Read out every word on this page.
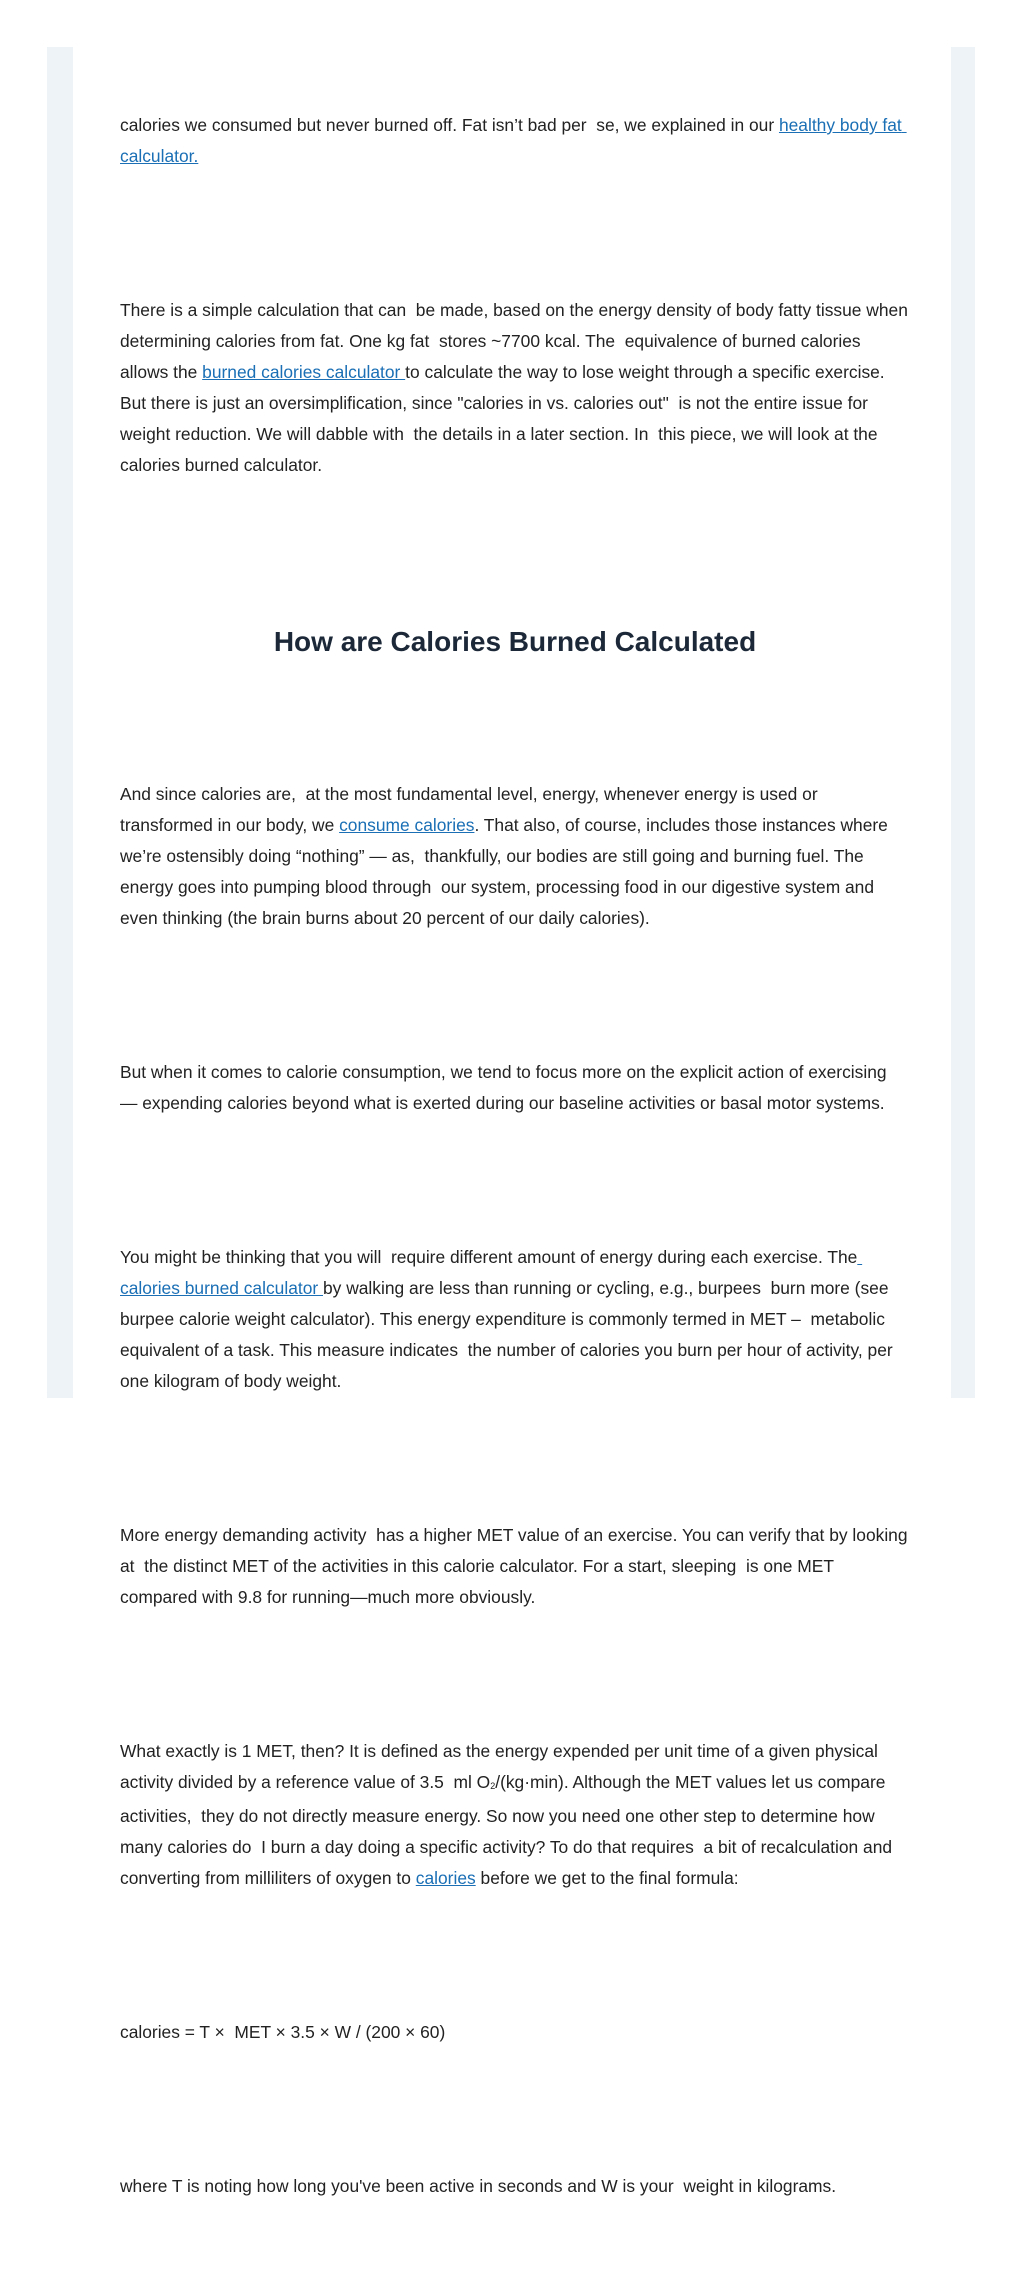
calories we consumed but never burned off. Fat isn’t bad per  se, we explained in our healthy body fat calculator.

There is a simple calculation that can  be made, based on the energy density of body fatty tissue when determining calories from fat. One kg fat  stores ~7700 kcal. The  equivalence of burned calories allows the burned calories calculator to calculate the way to lose weight through a specific exercise. But there is just an oversimplification, since "calories in vs. calories out"  is not the entire issue for weight reduction. We will dabble with  the details in a later section. In  this piece, we will look at the calories burned calculator.

How are Calories Burned Calculated

And since calories are,  at the most fundamental level, energy, whenever energy is used or transformed in our body, we consume calories. That also, of course, includes those instances where we’re ostensibly doing “nothing” — as,  thankfully, our bodies are still going and burning fuel. The energy goes into pumping blood through  our system, processing food in our digestive system and even thinking (the brain burns about 20 percent of our daily calories).

But when it comes to calorie consumption, we tend to focus more on the explicit action of exercising  — expending calories beyond what is exerted during our baseline activities or basal motor systems.

You might be thinking that you will  require different amount of energy during each exercise. The calories burned calculator by walking are less than running or cycling, e.g., burpees  burn more (see burpee calorie weight calculator). This energy expenditure is commonly termed in MET –  metabolic equivalent of a task. This measure indicates  the number of calories you burn per hour of activity, per one kilogram of body weight.

More energy demanding activity  has a higher MET value of an exercise. You can verify that by looking at  the distinct MET of the activities in this calorie calculator. For a start, sleeping  is one MET compared with 9.8 for running—much more obviously.

What exactly is 1 MET, then? It is defined as the energy expended per unit time of a given physical activity divided by a reference value of 3.5  ml $O_2/(kg\cdot\min)$. Although the MET values let us compare activities,  they do not directly measure energy. So now you need one other step to determine how many calories do  I burn a day doing a specific activity? To do that requires  a bit of recalculation and converting from milliliters of oxygen to calories before we get to the final formula:

calories = T ×  MET × 3.5 × W / (200 × 60)

where T is noting how long you've been active in seconds and W is your  weight in kilograms.
